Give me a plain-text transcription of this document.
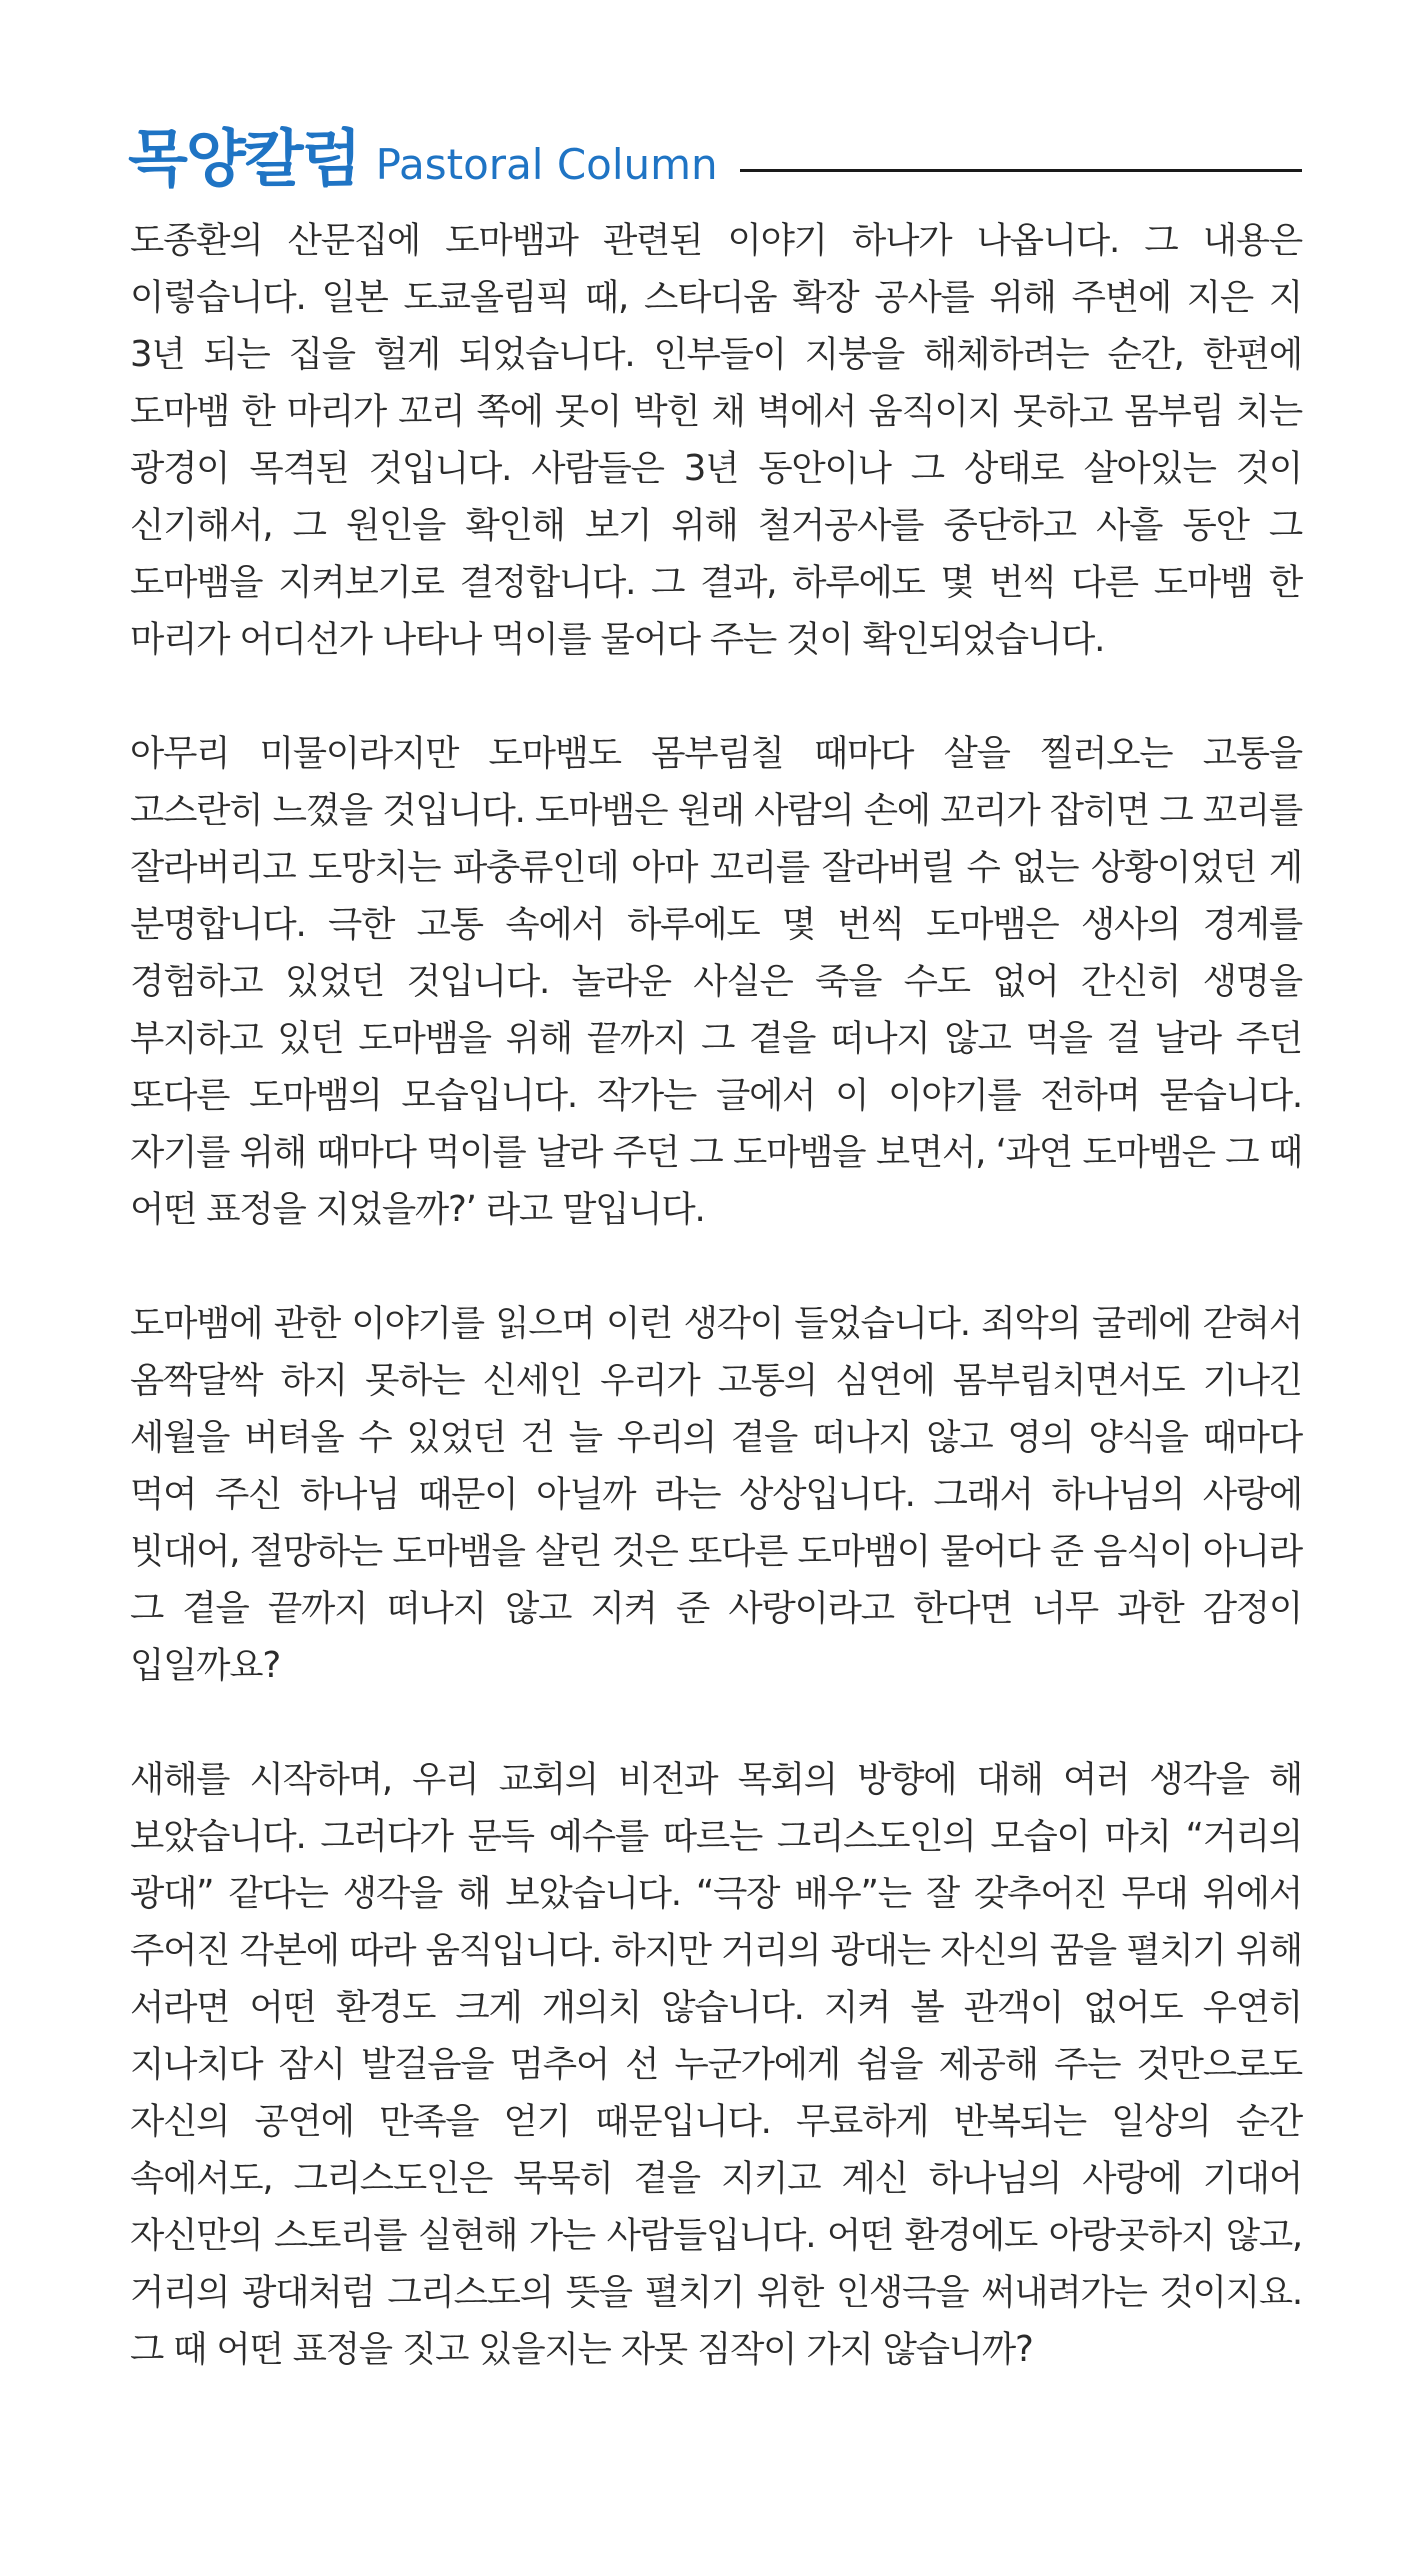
목양칼럼 Pastoral Column

도종환의 산문집에 도마뱀과 관련된 이야기 하나가 나옵니다. 그 내용은 이렇습니다. 일본 도쿄올림픽 때, 스타디움 확장 공사를 위해 주변에 지은 지 3년 되는 집을 헐게 되었습니다. 인부들이 지붕을 해체하려는 순간, 한편에 도마뱀 한 마리가 꼬리 쪽에 못이 박힌 채 벽에서 움직이지 못하고 몸부림 치는 광경이 목격된 것입니다. 사람들은 3년 동안이나 그 상태로 살아있는 것이 신기해서, 그 원인을 확인해 보기 위해 철거공사를 중단하고 사흘 동안 그 도마뱀을 지켜보기로 결정합니다. 그 결과, 하루에도 몇 번씩 다른 도마뱀 한 마리가 어디선가 나타나 먹이를 물어다 주는 것이 확인되었습니다.

아무리 미물이라지만 도마뱀도 몸부림칠 때마다 살을 찔러오는 고통을 고스란히 느꼈을 것입니다. 도마뱀은 원래 사람의 손에 꼬리가 잡히면 그 꼬리를 잘라버리고 도망치는 파충류인데 아마 꼬리를 잘라버릴 수 없는 상황이었던 게 분명합니다. 극한 고통 속에서 하루에도 몇 번씩 도마뱀은 생사의 경계를 경험하고 있었던 것입니다. 놀라운 사실은 죽을 수도 없어 간신히 생명을 부지하고 있던 도마뱀을 위해 끝까지 그 곁을 떠나지 않고 먹을 걸 날라 주던 또다른 도마뱀의 모습입니다. 작가는 글에서 이 이야기를 전하며 묻습니다. 자기를 위해 때마다 먹이를 날라 주던 그 도마뱀을 보면서, ‘과연 도마뱀은 그 때 어떤 표정을 지었을까?’ 라고 말입니다.

도마뱀에 관한 이야기를 읽으며 이런 생각이 들었습니다. 죄악의 굴레에 갇혀서 옴짝달싹 하지 못하는 신세인 우리가 고통의 심연에 몸부림치면서도 기나긴 세월을 버텨올 수 있었던 건 늘 우리의 곁을 떠나지 않고 영의 양식을 때마다 먹여 주신 하나님 때문이 아닐까 라는 상상입니다. 그래서 하나님의 사랑에 빗대어, 절망하는 도마뱀을 살린 것은 또다른 도마뱀이 물어다 준 음식이 아니라 그 곁을 끝까지 떠나지 않고 지켜 준 사랑이라고 한다면 너무 과한 감정이 입일까요?

새해를 시작하며, 우리 교회의 비전과 목회의 방향에 대해 여러 생각을 해 보았습니다. 그러다가 문득 예수를 따르는 그리스도인의 모습이 마치 “거리의 광대” 같다는 생각을 해 보았습니다. “극장 배우”는 잘 갖추어진 무대 위에서 주어진 각본에 따라 움직입니다. 하지만 거리의 광대는 자신의 꿈을 펼치기 위해 서라면 어떤 환경도 크게 개의치 않습니다. 지켜 볼 관객이 없어도 우연히 지나치다 잠시 발걸음을 멈추어 선 누군가에게 쉼을 제공해 주는 것만으로도 자신의 공연에 만족을 얻기 때문입니다. 무료하게 반복되는 일상의 순간 속에서도, 그리스도인은 묵묵히 곁을 지키고 계신 하나님의 사랑에 기대어 자신만의 스토리를 실현해 가는 사람들입니다. 어떤 환경에도 아랑곳하지 않고, 거리의 광대처럼 그리스도의 뜻을 펼치기 위한 인생극을 써내려가는 것이지요. 그 때 어떤 표정을 짓고 있을지는 자못 짐작이 가지 않습니까?
